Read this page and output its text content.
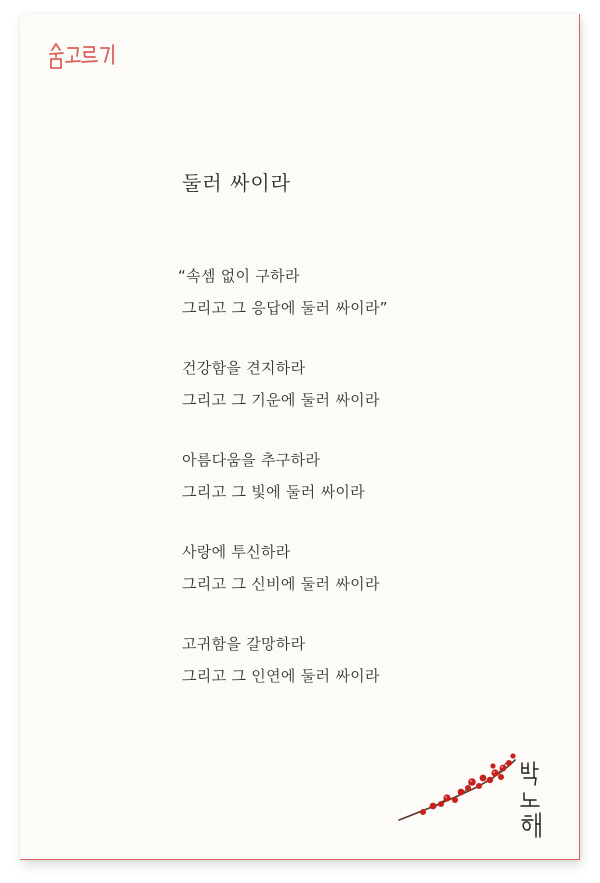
둘러 싸이라
“속셈 없이 구하라
그리고 그 응답에 둘러 싸이라”
건강함을 견지하라
그리고 그 기운에 둘러 싸이라
아름다움을 추구하라
그리고 그 빛에 둘러 싸이라
사랑에 투신하라
그리고 그 신비에 둘러 싸이라
고귀함을 갈망하라
그리고 그 인연에 둘러 싸이라
